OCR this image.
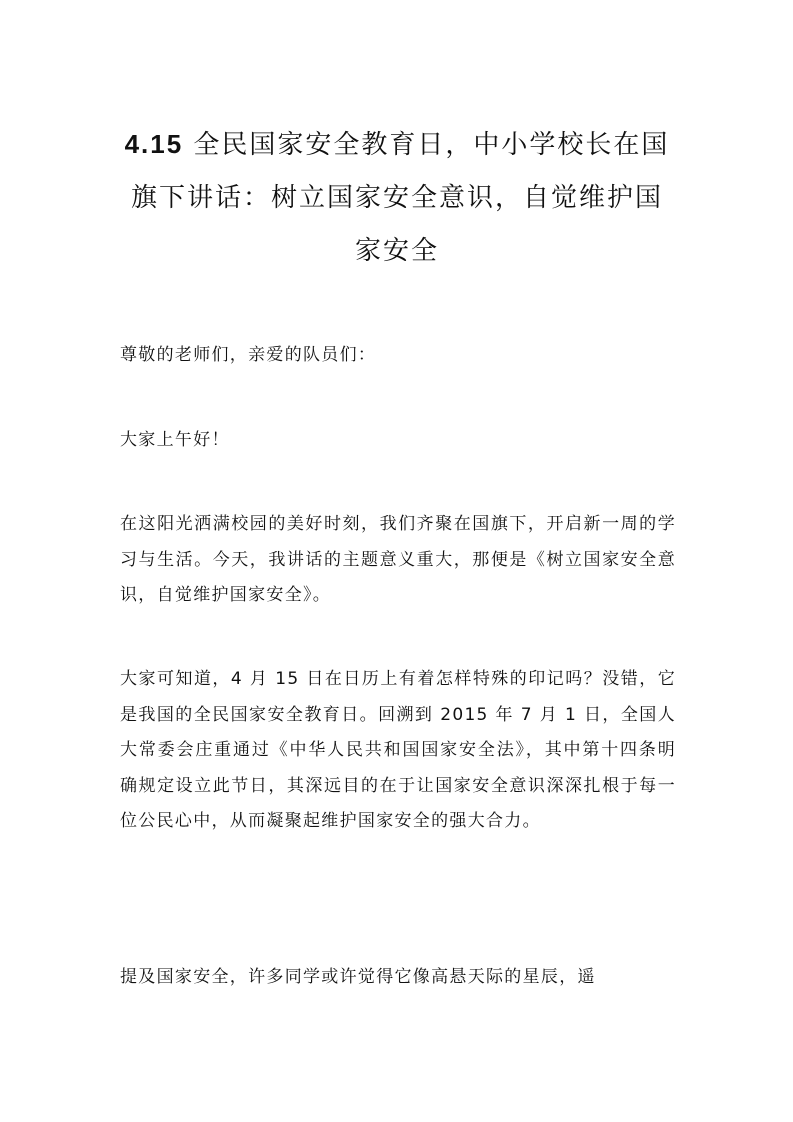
4.15 全民国家安全教育日，中小学校长在国旗下讲话：树立国家安全意识，自觉维护国家安全

尊敬的老师们，亲爱的队员们：

大家上午好！

在这阳光洒满校园的美好时刻，我们齐聚在国旗下，开启新一周的学习与生活。今天，我讲话的主题意义重大，那便是《树立国家安全意识，自觉维护国家安全》。

大家可知道，4 月 15 日在日历上有着怎样特殊的印记吗？没错，它是我国的全民国家安全教育日。回溯到 2015 年 7 月 1 日，全国人大常委会庄重通过《中华人民共和国国家安全法》，其中第十四条明确规定设立此节日，其深远目的在于让国家安全意识深深扎根于每一位公民心中，从而凝聚起维护国家安全的强大合力。

提及国家安全，许多同学或许觉得它像高悬天际的星辰，遥
